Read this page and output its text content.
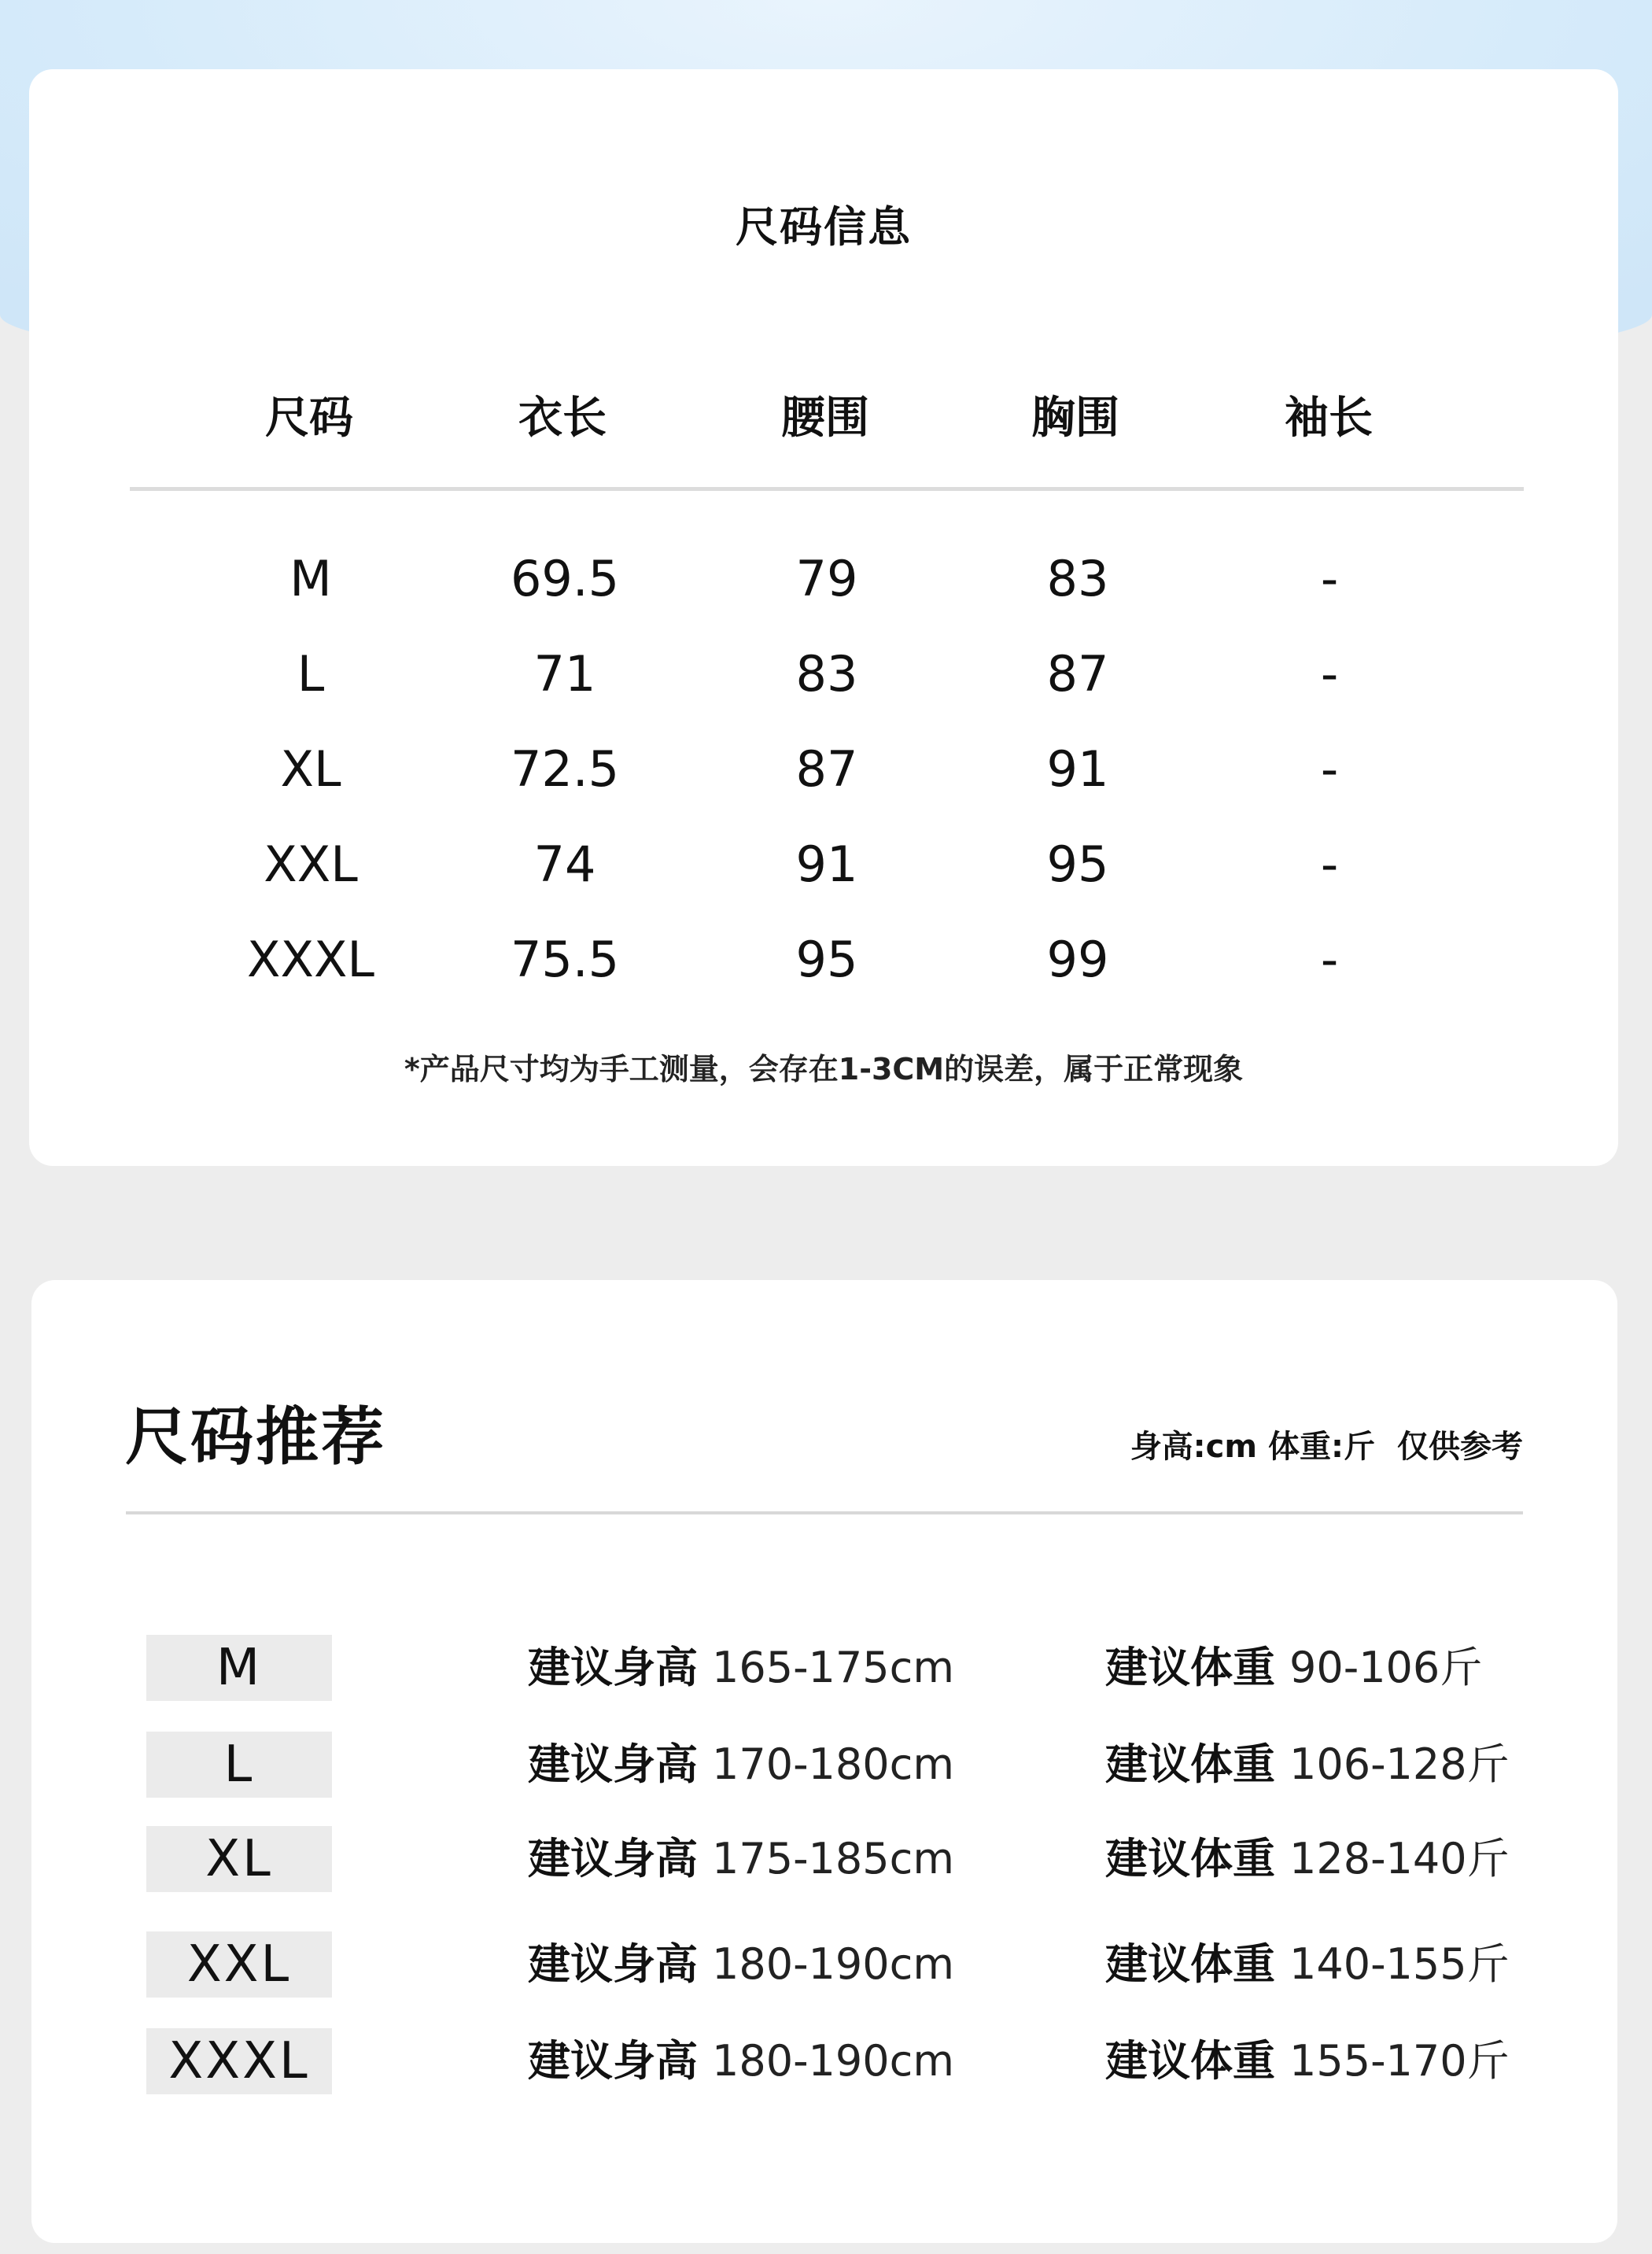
尺码信息
尺码	衣长	腰围	胸围	袖长
M	69.5	79	83	-
L	71	83	87	-
XL	72.5	87	91	-
XXL	74	91	95	-
XXXL	75.5	95	99	-
*产品尺寸均为手工测量，会存在1-3CM的误差，属于正常现象
尺码推荐	身高:cm 体重:斤 仅供参考
M	建议身高 165-175cm	建议体重 90-106斤
L	建议身高 170-180cm	建议体重 106-128斤
XL	建议身高 175-185cm	建议体重 128-140斤
XXL	建议身高 180-190cm	建议体重 140-155斤
XXXL	建议身高 180-190cm	建议体重 155-170斤
